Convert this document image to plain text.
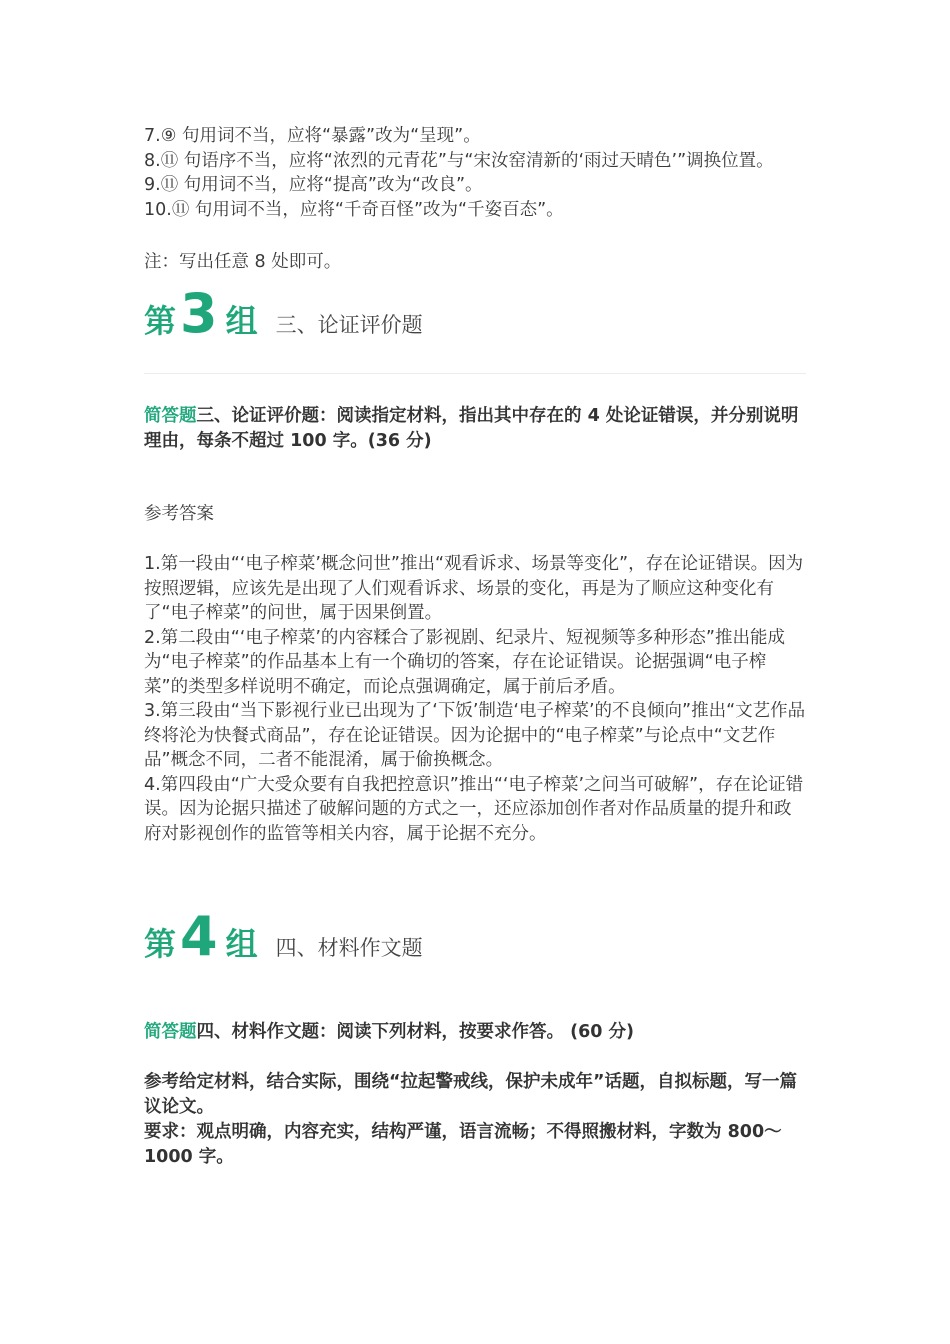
7.⑨ 句用词不当，应将“暴露”改为“呈现”。
8.⑪ 句语序不当，应将“浓烈的元青花”与“宋汝窑清新的‘雨过天晴色’”调换位置。
9.⑪ 句用词不当，应将“提高”改为“改良”。
10.⑪ 句用词不当，应将“千奇百怪”改为“千姿百态”。
注：写出任意 8 处即可。
第 3 组 三、论证评价题
简答题三、论证评价题：阅读指定材料，指出其中存在的 4 处论证错误，并分别说明理由，每条不超过 100 字。(36 分)
参考答案
1.第一段由“‘电子榨菜’概念问世”推出“观看诉求、场景等变化”，存在论证错误。因为按照逻辑，应该先是出现了人们观看诉求、场景的变化，再是为了顺应这种变化有了“电子榨菜”的问世，属于因果倒置。
2.第二段由“‘电子榨菜’的内容糅合了影视剧、纪录片、短视频等多种形态”推出能成为“电子榨菜”的作品基本上有一个确切的答案，存在论证错误。论据强调“电子榨菜”的类型多样说明不确定，而论点强调确定，属于前后矛盾。
3.第三段由“当下影视行业已出现为了‘下饭’制造‘电子榨菜’的不良倾向”推出“文艺作品终将沦为快餐式商品”，存在论证错误。因为论据中的“电子榨菜”与论点中“文艺作品”概念不同，二者不能混淆，属于偷换概念。
4.第四段由“广大受众要有自我把控意识”推出“‘电子榨菜’之问当可破解”，存在论证错误。因为论据只描述了破解问题的方式之一，还应添加创作者对作品质量的提升和政府对影视创作的监管等相关内容，属于论据不充分。
第 4 组 四、材料作文题
简答题四、材料作文题：阅读下列材料，按要求作答。 (60 分)
参考给定材料，结合实际，围绕“拉起警戒线，保护未成年”话题，自拟标题，写一篇议论文。
要求：观点明确，内容充实，结构严谨，语言流畅；不得照搬材料，字数为 800～1000 字。
